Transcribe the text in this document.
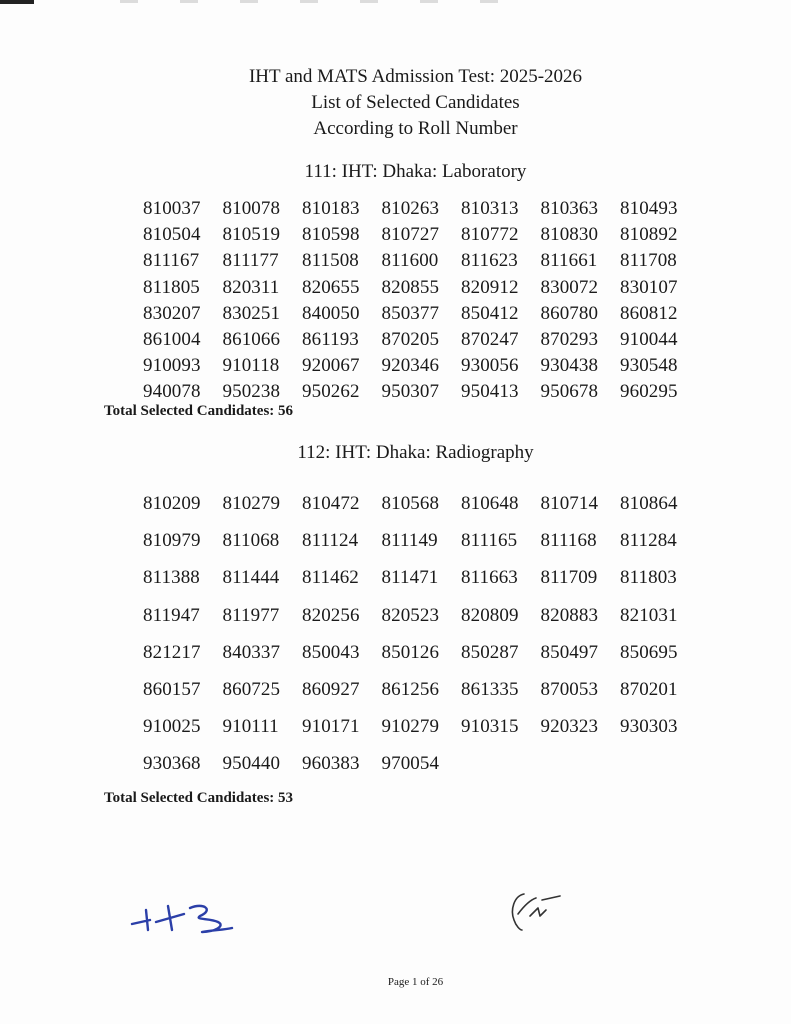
IHT and MATS Admission Test: 2025-2026
List of Selected Candidates
According to Roll Number
111: IHT: Dhaka: Laboratory
810037	810078	810183	810263	810313	810363	810493
810504	810519	810598	810727	810772	810830	810892
811167	811177	811508	811600	811623	811661	811708
811805	820311	820655	820855	820912	830072	830107
830207	830251	840050	850377	850412	860780	860812
861004	861066	861193	870205	870247	870293	910044
910093	910118	920067	920346	930056	930438	930548
940078	950238	950262	950307	950413	950678	960295
Total Selected Candidates: 56
112: IHT: Dhaka: Radiography
810209	810279	810472	810568	810648	810714	810864
810979	811068	811124	811149	811165	811168	811284
811388	811444	811462	811471	811663	811709	811803
811947	811977	820256	820523	820809	820883	821031
821217	840337	850043	850126	850287	850497	850695
860157	860725	860927	861256	861335	870053	870201
910025	910111	910171	910279	910315	920323	930303
930368	950440	960383	970054
Total Selected Candidates: 53
Page 1 of 26
